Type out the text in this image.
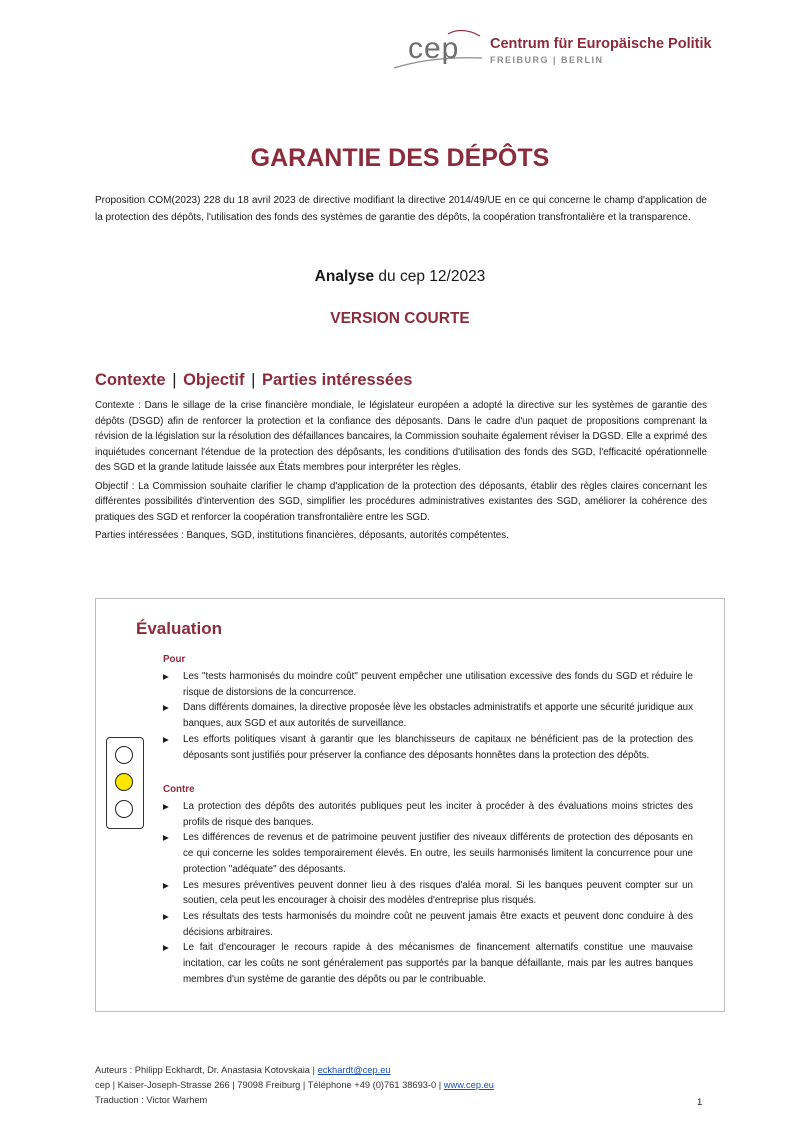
cep Centrum für Europäische Politik
FREIBURG | BERLIN
GARANTIE DES DÉPÔTS
Proposition COM(2023) 228 du 18 avril 2023 de directive modifiant la directive 2014/49/UE en ce qui concerne le champ d'application de la protection des dépôts, l'utilisation des fonds des systèmes de garantie des dépôts, la coopération transfrontalière et la transparence.
Analyse du cep 12/2023
VERSION COURTE
Contexte | Objectif | Parties intéressées

Contexte : Dans le sillage de la crise financière mondiale, le législateur européen a adopté la directive sur les systèmes de garantie des dépôts (DSGD) afin de renforcer la protection et la confiance des déposants. Dans le cadre d'un paquet de propositions comprenant la révision de la législation sur la résolution des défaillances bancaires, la Commission souhaite également réviser la DGSD. Elle a exprimé des inquiétudes concernant l'étendue de la protection des dépôsants, les conditions d'utilisation des fonds des SGD, l'efficacité opérationnelle des SGD et la grande latitude laissée aux États membres pour interpréter les règles.

Objectif : La Commission souhaite clarifier le champ d'application de la protection des déposants, établir des règles claires concernant les différentes possibilités d'intervention des SGD, simplifier les procédures administratives existantes des SGD, améliorer la cohérence des pratiques des SGD et renforcer la coopération transfrontalière entre les SGD.

Parties intéressées : Banques, SGD, institutions financières, déposants, autorités compétentes.

Évaluation
Pour
▶ Les "tests harmonisés du moindre coût" peuvent empêcher une utilisation excessive des fonds du SGD et réduire le risque de distorsions de la concurrence.
▶ Dans différents domaines, la directive proposée lève les obstacles administratifs et apporte une sécurité juridique aux banques, aux SGD et aux autorités de surveillance.
▶ Les efforts politiques visant à garantir que les blanchisseurs de capitaux ne bénéficient pas de la protection des déposants sont justifiés pour préserver la confiance des déposants honnêtes dans la protection des dépôts.
Contre
▶ La protection des dépôts des autorités publiques peut les inciter à procéder à des évaluations moins strictes des profils de risque des banques.
▶ Les différences de revenus et de patrimoine peuvent justifier des niveaux différents de protection des déposants en ce qui concerne les soldes temporairement élevés. En outre, les seuils harmonisés limitent la concurrence pour une protection "adéquate" des déposants.
▶ Les mesures préventives peuvent donner lieu à des risques d'aléa moral. Si les banques peuvent compter sur un soutien, cela peut les encourager à choisir des modèles d'entreprise plus risqués.
▶ Les résultats des tests harmonisés du moindre coût ne peuvent jamais être exacts et peuvent donc conduire à des décisions arbitraires.
▶ Le fait d'encourager le recours rapide à des mécanismes de financement alternatifs constitue une mauvaise incitation, car les coûts ne sont généralement pas supportés par la banque défaillante, mais par les autres banques membres d'un système de garantie des dépôts ou par le contribuable.
Auteurs : Philipp Eckhardt, Dr. Anastasia Kotovskaia | eckhardt@cep.eu
cep | Kaiser-Joseph-Strasse 266 | 79098 Freiburg | Téléphone +49 (0)761 38693-0 | www.cep.eu
Traduction : Victor Warhem	1
